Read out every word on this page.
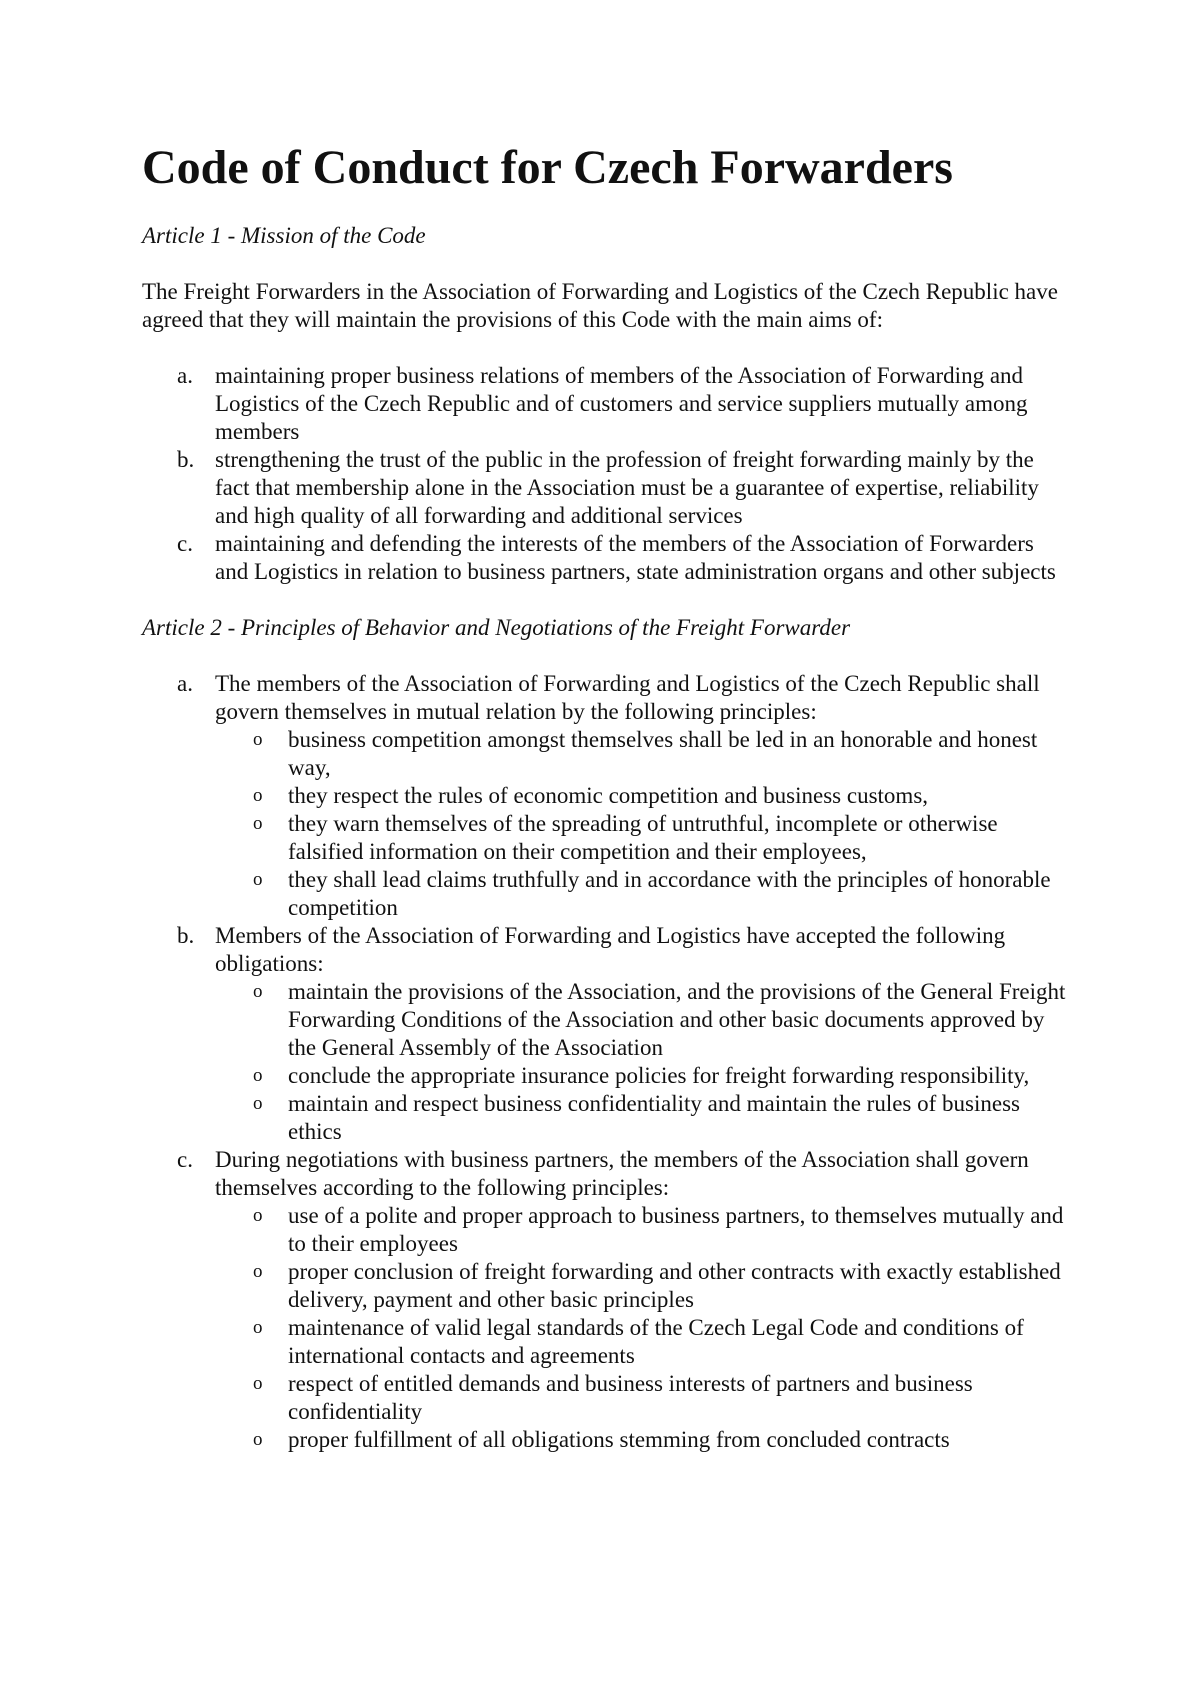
Code of Conduct for Czech Forwarders

Article 1 - Mission of the Code

The Freight Forwarders in the Association of Forwarding and Logistics of the Czech Republic have agreed that they will maintain the provisions of this Code with the main aims of:

a. maintaining proper business relations of members of the Association of Forwarding and Logistics of the Czech Republic and of customers and service suppliers mutually among members
b. strengthening the trust of the public in the profession of freight forwarding mainly by the fact that membership alone in the Association must be a guarantee of expertise, reliability and high quality of all forwarding and additional services
c. maintaining and defending the interests of the members of the Association of Forwarders and Logistics in relation to business partners, state administration organs and other subjects

Article 2 - Principles of Behavior and Negotiations of the Freight Forwarder

a. The members of the Association of Forwarding and Logistics of the Czech Republic shall govern themselves in mutual relation by the following principles:
o business competition amongst themselves shall be led in an honorable and honest way,
o they respect the rules of economic competition and business customs,
o they warn themselves of the spreading of untruthful, incomplete or otherwise falsified information on their competition and their employees,
o they shall lead claims truthfully and in accordance with the principles of honorable competition
b. Members of the Association of Forwarding and Logistics have accepted the following obligations:
o maintain the provisions of the Association, and the provisions of the General Freight Forwarding Conditions of the Association and other basic documents approved by the General Assembly of the Association
o conclude the appropriate insurance policies for freight forwarding responsibility,
o maintain and respect business confidentiality and maintain the rules of business ethics
c. During negotiations with business partners, the members of the Association shall govern themselves according to the following principles:
o use of a polite and proper approach to business partners, to themselves mutually and to their employees
o proper conclusion of freight forwarding and other contracts with exactly established delivery, payment and other basic principles
o maintenance of valid legal standards of the Czech Legal Code and conditions of international contacts and agreements
o respect of entitled demands and business interests of partners and business confidentiality
o proper fulfillment of all obligations stemming from concluded contracts
